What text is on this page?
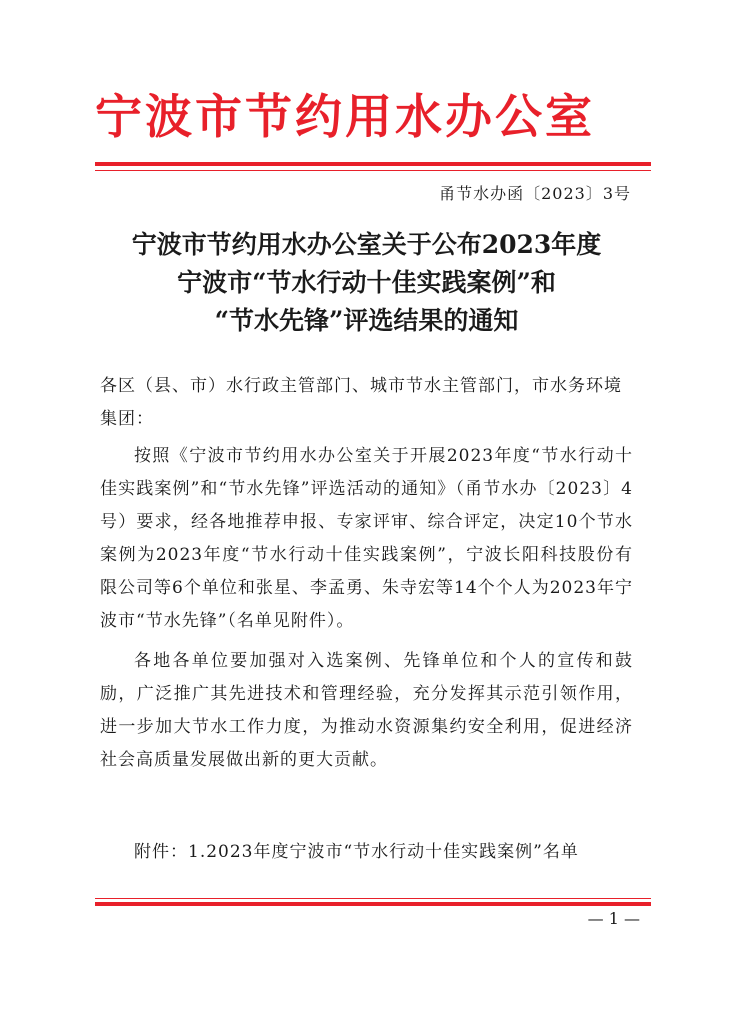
宁波市节约用水办公室
甬节水办函〔2023〕3号
宁波市节约用水办公室关于公布2023年度
宁波市“节水行动十佳实践案例”和
“节水先锋”评选结果的通知
各区（县、市）水行政主管部门、城市节水主管部门，市水务环境集团：
按照《宁波市节约用水办公室关于开展2023年度“节水行动十佳实践案例”和“节水先锋”评选活动的通知》（甬节水办〔2023〕4号）要求，经各地推荐申报、专家评审、综合评定，决定10个节水案例为2023年度“节水行动十佳实践案例”，宁波长阳科技股份有限公司等6个单位和张星、李孟勇、朱寺宏等14个个人为2023年宁波市“节水先锋”（名单见附件）。
各地各单位要加强对入选案例、先锋单位和个人的宣传和鼓励，广泛推广其先进技术和管理经验，充分发挥其示范引领作用，进一步加大节水工作力度，为推动水资源集约安全利用，促进经济社会高质量发展做出新的更大贡献。
附件：1.2023年度宁波市“节水行动十佳实践案例”名单
— 1 —
